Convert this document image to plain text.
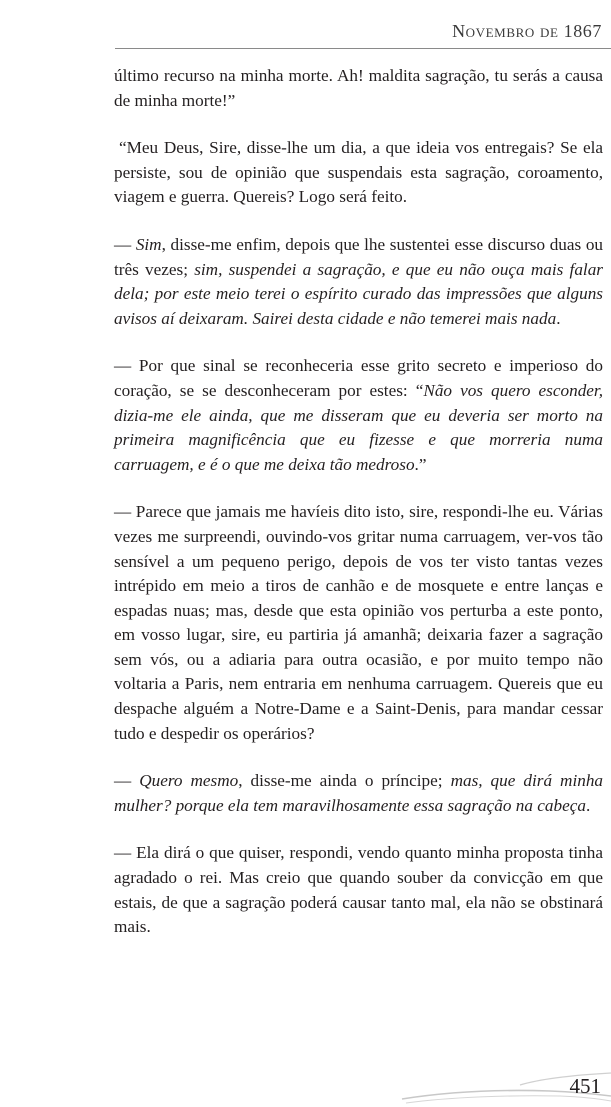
Novembro de 1867

último recurso na minha morte. Ah! maldita sagração, tu serás a causa de minha morte!”

“Meu Deus, Sire, disse-lhe um dia, a que ideia vos entregais? Se ela persiste, sou de opinião que suspendais esta sagração, coroamento, viagem e guerra. Quereis? Logo será feito.

— Sim, disse-me enfim, depois que lhe sustentei esse discurso duas ou três vezes; sim, suspendei a sagração, e que eu não ouça mais falar dela; por este meio terei o espírito curado das impressões que alguns avisos aí deixaram. Sairei desta cidade e não temerei mais nada.

— Por que sinal se reconheceria esse grito secreto e imperioso do coração, se se desconheceram por estes: “Não vos quero esconder, dizia-me ele ainda, que me disseram que eu deveria ser morto na primeira magnificência que eu fizesse e que morreria numa carruagem, e é o que me deixa tão medroso.”

— Parece que jamais me havíeis dito isto, sire, respondi-lhe eu. Várias vezes me surpreendi, ouvindo-vos gritar numa carruagem, ver-vos tão sensível a um pequeno perigo, depois de vos ter visto tantas vezes intrépido em meio a tiros de canhão e de mosquete e entre lanças e espadas nuas; mas, desde que esta opinião vos perturba a este ponto, em vosso lugar, sire, eu partiria já amanhã; deixaria fazer a sagração sem vós, ou a adiaria para outra ocasião, e por muito tempo não voltaria a Paris, nem entraria em nenhuma carruagem. Quereis que eu despache alguém a Notre-Dame e a Saint-Denis, para mandar cessar tudo e despedir os operários?

— Quero mesmo, disse-me ainda o príncipe; mas, que dirá minha mulher? porque ela tem maravilhosamente essa sagração na cabeça.

— Ela dirá o que quiser, respondi, vendo quanto minha proposta tinha agradado o rei. Mas creio que quando souber da convicção em que estais, de que a sagração poderá causar tanto mal, ela não se obstinará mais.

451
